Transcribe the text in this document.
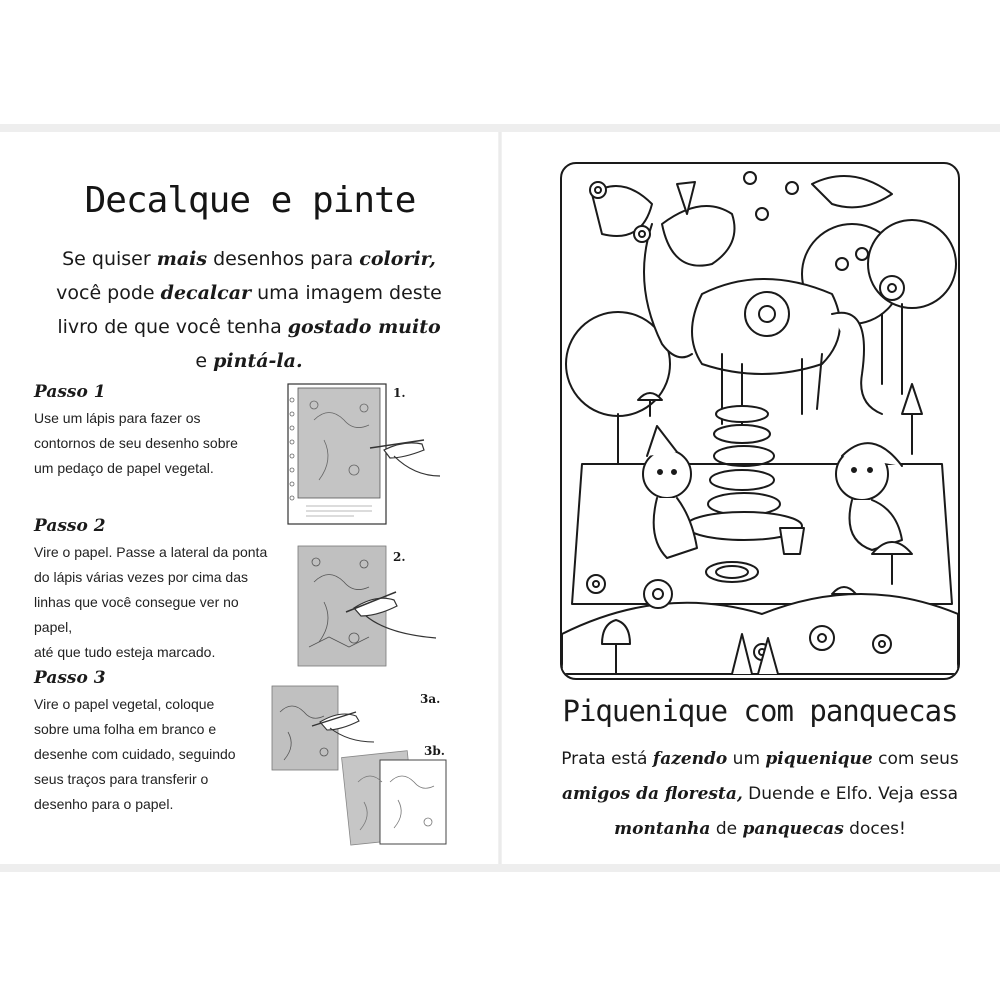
Decalque e pinte
Se quiser mais desenhos para colorir,
você pode decalcar uma imagem deste livro de que você tenha gostado muito
e pintá-la.
Passo 1
Use um lápis para fazer os
contornos de seu desenho sobre
um pedaço de papel vegetal.
1.
Passo 2
Vire o papel. Passe a lateral da ponta
do lápis várias vezes por cima das
linhas que você consegue ver no papel,
até que tudo esteja marcado.
2.
Passo 3
Vire o papel vegetal, coloque
sobre uma folha em branco e
desenhe com cuidado, seguindo
seus traços para transferir o
desenho para o papel.
3a.
3b.
Piquenique com panquecas
Prata está fazendo um piquenique com seus
amigos da floresta, Duende e Elfo. Veja essa
montanha de panquecas doces!
